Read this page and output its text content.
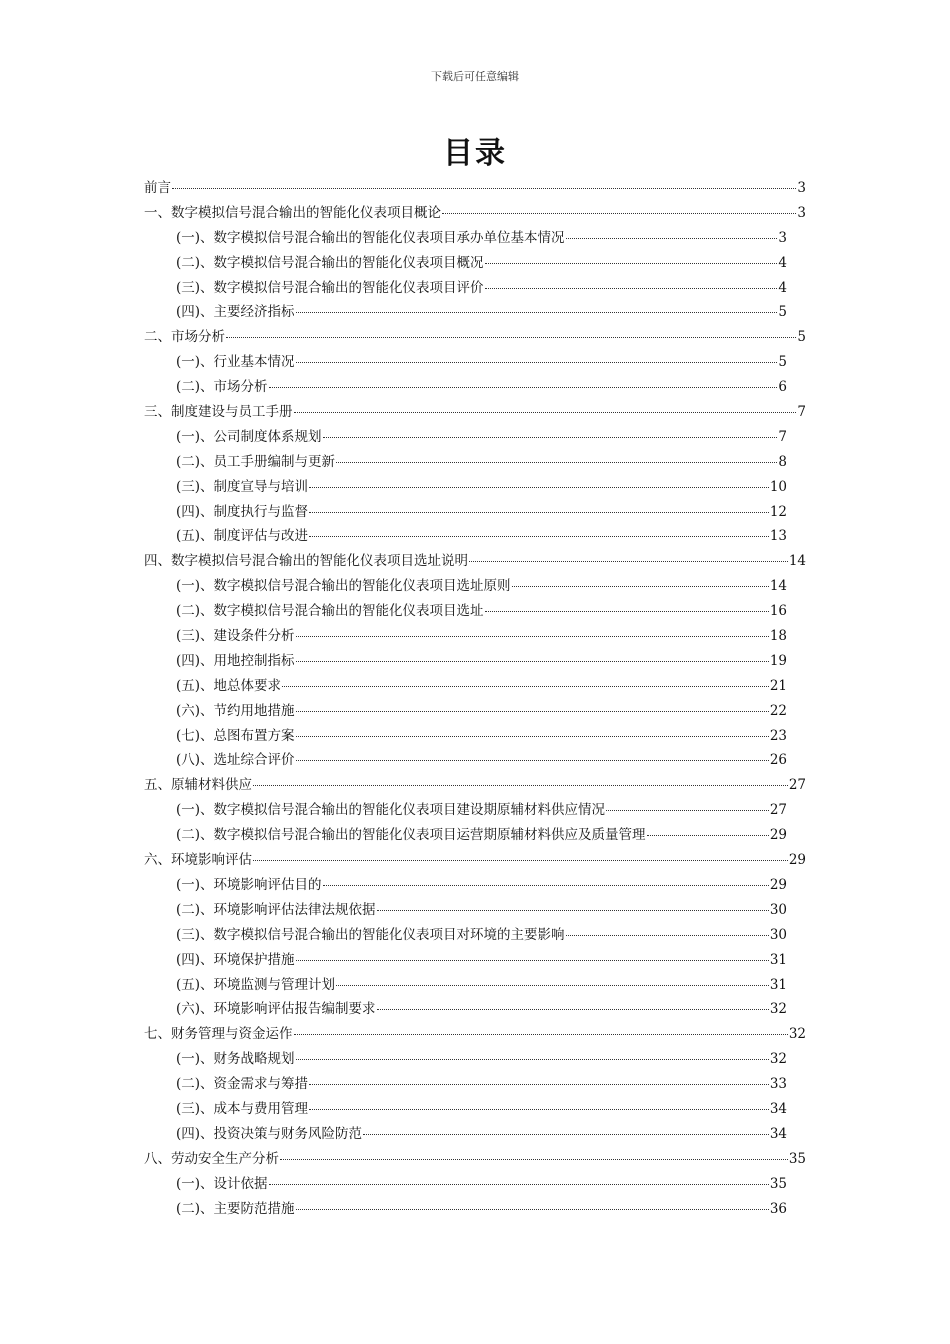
下载后可任意编辑
目录
前言	3
一、数字模拟信号混合输出的智能化仪表项目概论	3
(一)、数字模拟信号混合输出的智能化仪表项目承办单位基本情况	3
(二)、数字模拟信号混合输出的智能化仪表项目概况	4
(三)、数字模拟信号混合输出的智能化仪表项目评价	4
(四)、主要经济指标	5
二、市场分析	5
(一)、行业基本情况	5
(二)、市场分析	6
三、制度建设与员工手册	7
(一)、公司制度体系规划	7
(二)、员工手册编制与更新	8
(三)、制度宣导与培训	10
(四)、制度执行与监督	12
(五)、制度评估与改进	13
四、数字模拟信号混合输出的智能化仪表项目选址说明	14
(一)、数字模拟信号混合输出的智能化仪表项目选址原则	14
(二)、数字模拟信号混合输出的智能化仪表项目选址	16
(三)、建设条件分析	18
(四)、用地控制指标	19
(五)、地总体要求	21
(六)、节约用地措施	22
(七)、总图布置方案	23
(八)、选址综合评价	26
五、原辅材料供应	27
(一)、数字模拟信号混合输出的智能化仪表项目建设期原辅材料供应情况	27
(二)、数字模拟信号混合输出的智能化仪表项目运营期原辅材料供应及质量管理	29
六、环境影响评估	29
(一)、环境影响评估目的	29
(二)、环境影响评估法律法规依据	30
(三)、数字模拟信号混合输出的智能化仪表项目对环境的主要影响	30
(四)、环境保护措施	31
(五)、环境监测与管理计划	31
(六)、环境影响评估报告编制要求	32
七、财务管理与资金运作	32
(一)、财务战略规划	32
(二)、资金需求与筹措	33
(三)、成本与费用管理	34
(四)、投资决策与财务风险防范	34
八、劳动安全生产分析	35
(一)、设计依据	35
(二)、主要防范措施	36
